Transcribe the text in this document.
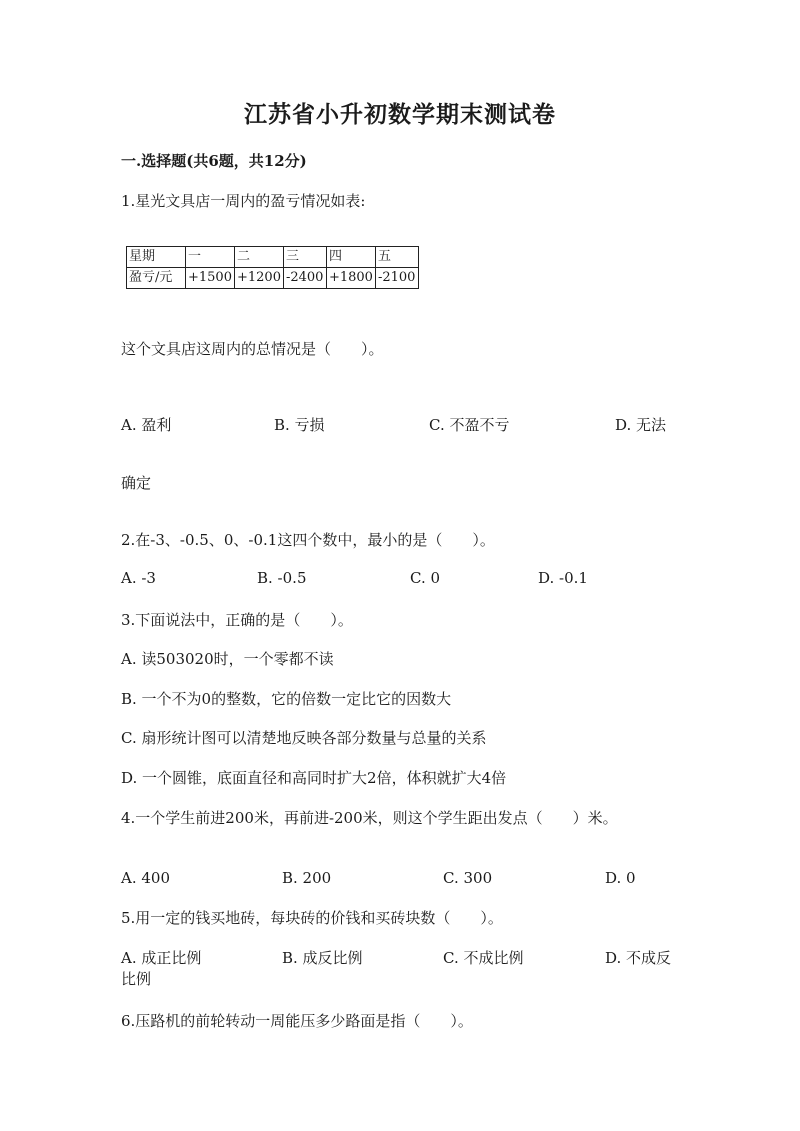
江苏省小升初数学期末测试卷
一.选择题(共6题，共12分)
1.星光文具店一周内的盈亏情况如表:
星期	一	二	三	四	五
盈亏/元	+1500	+1200	-2400	+1800	-2100
这个文具店这周内的总情况是（　　）。
A. 盈利	B. 亏损	C. 不盈不亏	D. 无法
确定
2.在-3、-0.5、0、-0.1这四个数中，最小的是（　　）。
A. -3	B. -0.5	C. 0	D. -0.1
3.下面说法中，正确的是（　　）。
A. 读503020时，一个零都不读
B. 一个不为0的整数，它的倍数一定比它的因数大
C. 扇形统计图可以清楚地反映各部分数量与总量的关系
D. 一个圆锥，底面直径和高同时扩大2倍，体积就扩大4倍
4.一个学生前进200米，再前进-200米，则这个学生距出发点（　　）米。
A. 400	B. 200	C. 300	D. 0
5.用一定的钱买地砖，每块砖的价钱和买砖块数（　　）。
A. 成正比例	B. 成反比例	C. 不成比例	D. 不成反
比例
6.压路机的前轮转动一周能压多少路面是指（　　）。
